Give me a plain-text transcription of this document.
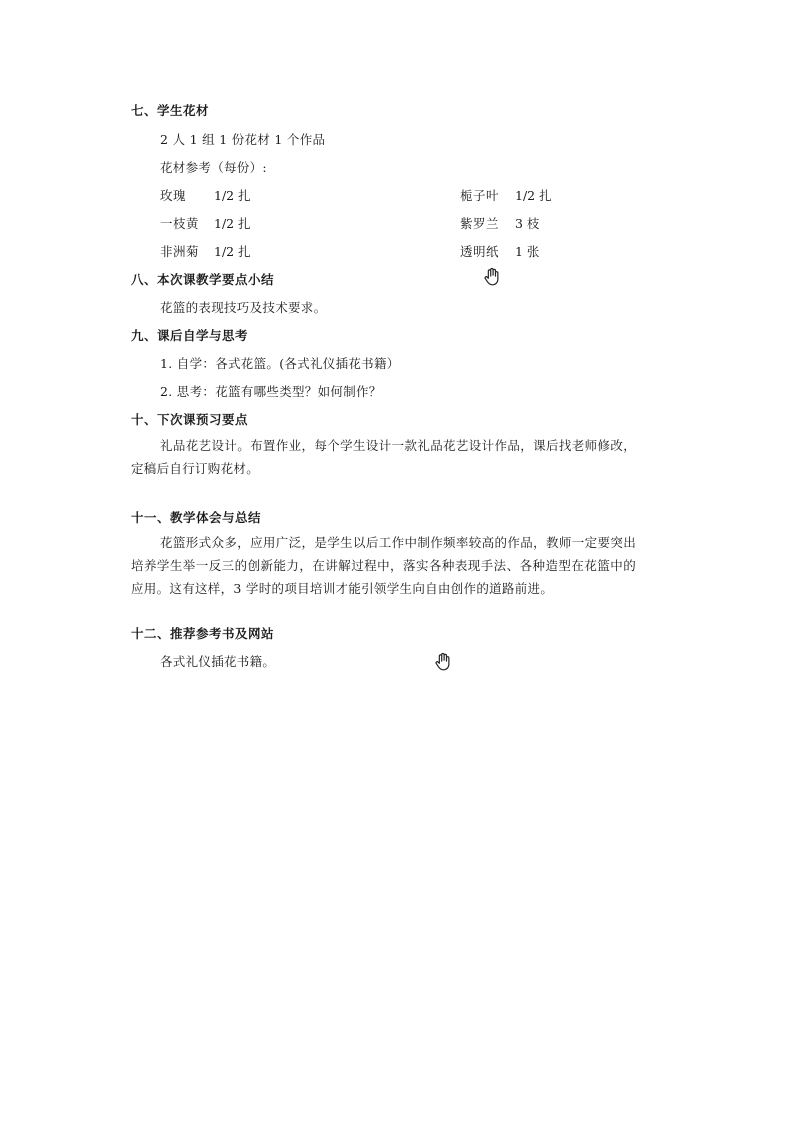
七、学生花材
2 人 1 组 1 份花材 1 个作品
花材参考（每份）:
玫瑰 1/2 扎	栀子叶 1/2 扎
一枝黄 1/2 扎	紫罗兰 3 枝
非洲菊 1/2 扎	透明纸 1 张
八、本次课教学要点小结
花篮的表现技巧及技术要求。
九、课后自学与思考
1. 自学：各式花篮。(各式礼仪插花书籍）
2. 思考：花篮有哪些类型？如何制作？
十、下次课预习要点
礼品花艺设计。布置作业，每个学生设计一款礼品花艺设计作品，课后找老师修改，定稿后自行订购花材。
十一、教学体会与总结
花篮形式众多，应用广泛，是学生以后工作中制作频率较高的作品，教师一定要突出培养学生举一反三的创新能力，在讲解过程中，落实各种表现手法、各种造型在花篮中的应用。这有这样，3 学时的项目培训才能引领学生向自由创作的道路前进。
十二、推荐参考书及网站
各式礼仪插花书籍。
